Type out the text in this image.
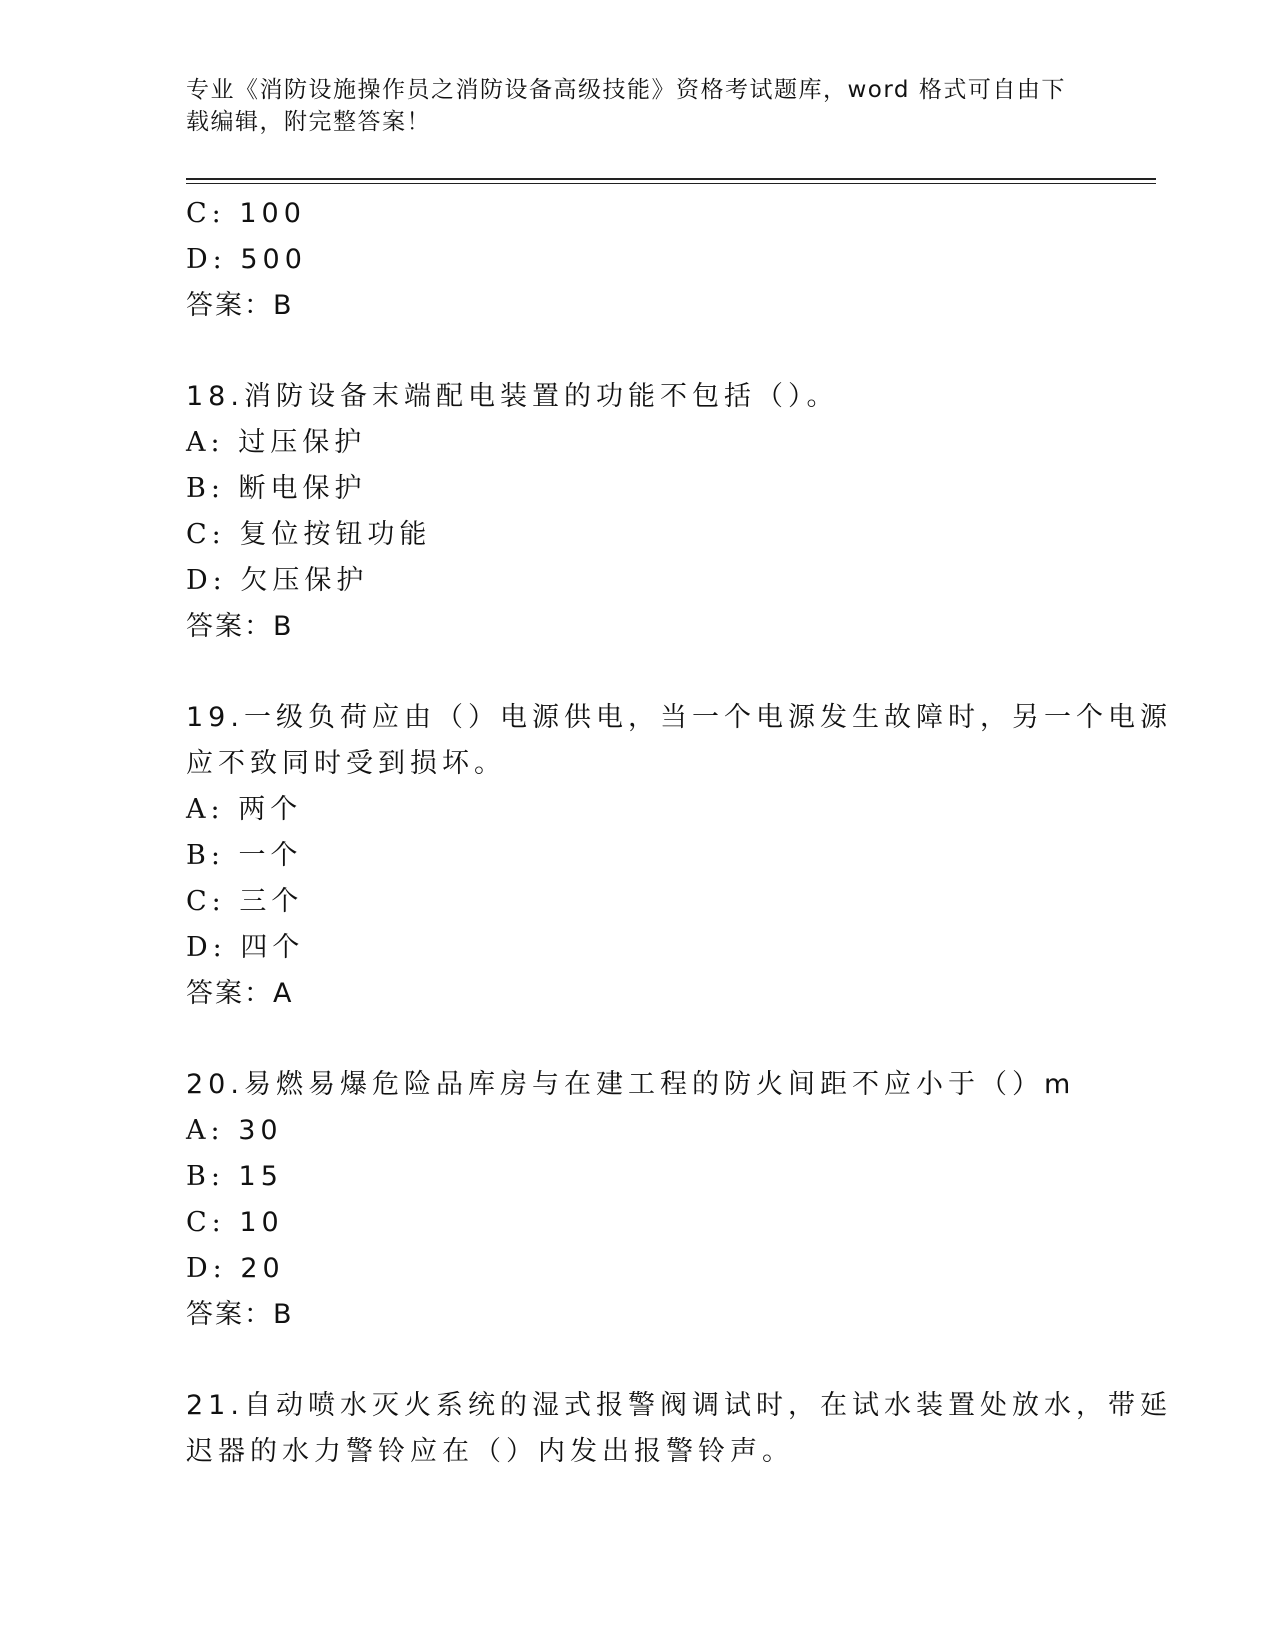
专业《消防设施操作员之消防设备高级技能》资格考试题库，word 格式可自由下载编辑，附完整答案！
C: 100
D: 500
答案：B
18.消防设备末端配电装置的功能不包括（）。
A: 过压保护
B: 断电保护
C: 复位按钮功能
D: 欠压保护
答案：B
19.一级负荷应由（）电源供电，当一个电源发生故障时，另一个电源
应不致同时受到损坏。
A: 两个
B: 一个
C: 三个
D: 四个
答案：A
20.易燃易爆危险品库房与在建工程的防火间距不应小于（）m
A: 30
B: 15
C: 10
D: 20
答案：B
21.自动喷水灭火系统的湿式报警阀调试时，在试水装置处放水，带延
迟器的水力警铃应在（）内发出报警铃声。
